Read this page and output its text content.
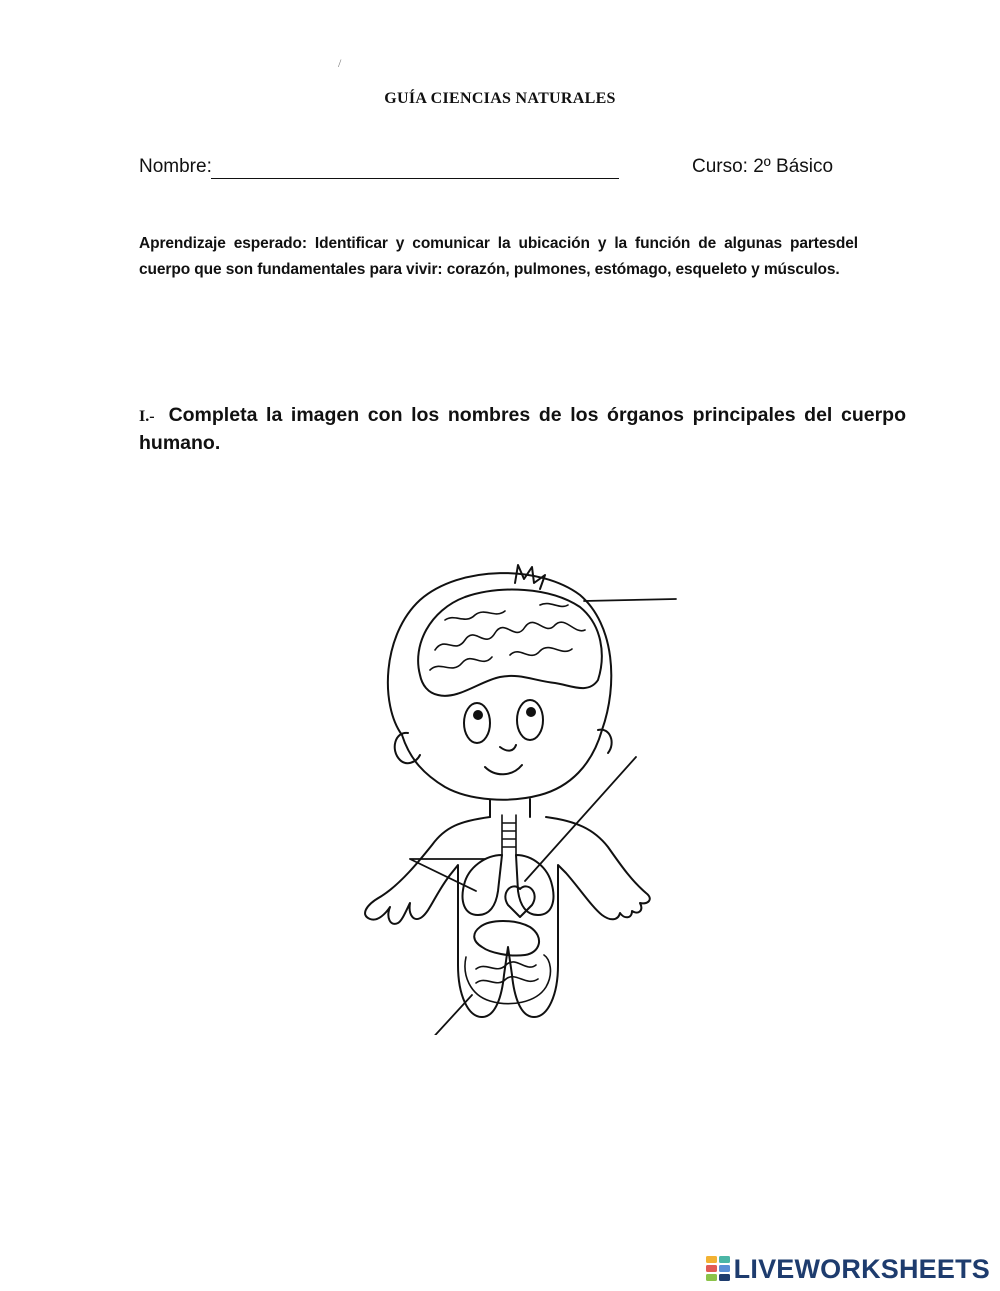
/
GUÍA CIENCIAS NATURALES
Nombre:	Curso: 2º Básico
Aprendizaje esperado: Identificar y comunicar la ubicación y la función de algunas partesdel cuerpo que son fundamentales para vivir: corazón, pulmones, estómago, esqueleto y músculos.
I.- Completa la imagen con los nombres de los órganos principales del cuerpo humano.
LIVEWORKSHEETS
